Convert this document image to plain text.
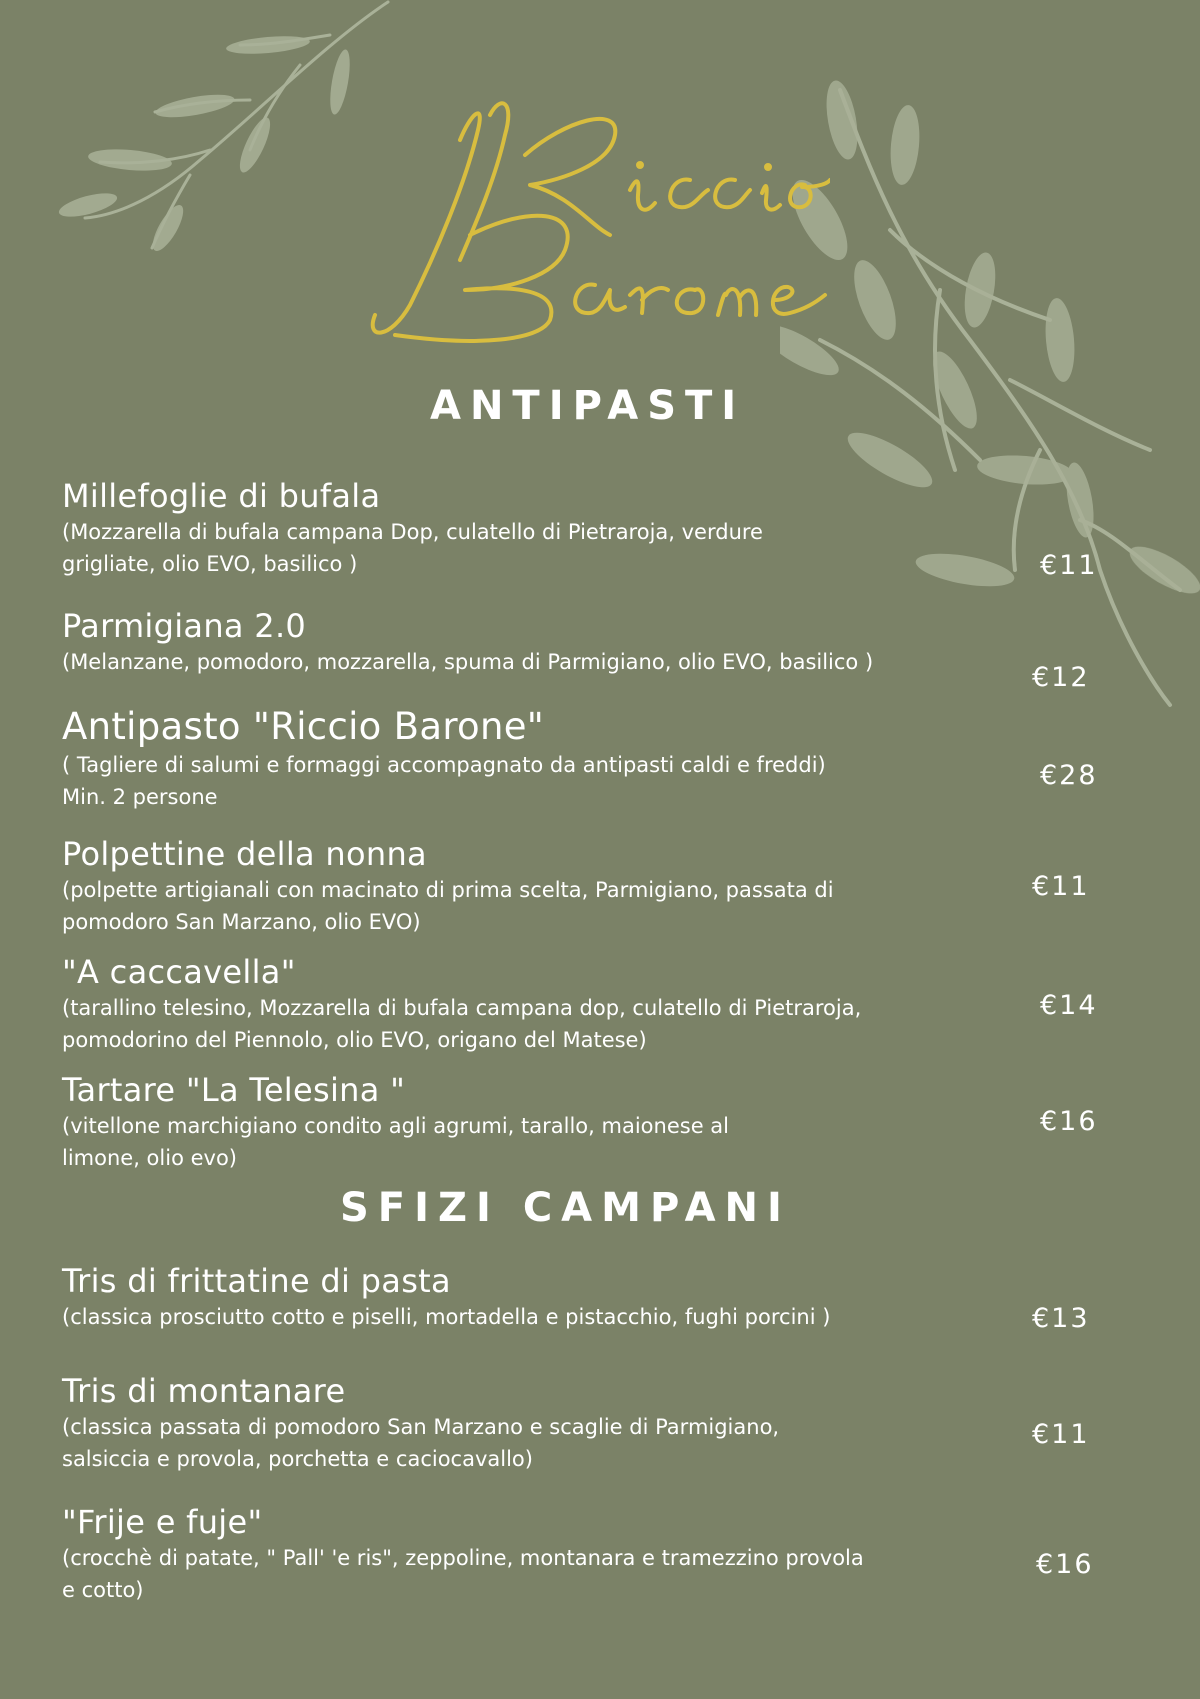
ANTIPASTI
Millefoglie di bufala
(Mozzarella di bufala campana Dop, culatello di Pietraroja, verdure
grigliate, olio EVO, basilico )	€11
Parmigiana 2.0
(Melanzane, pomodoro, mozzarella, spuma di Parmigiano, olio EVO, basilico )	€12
Antipasto "Riccio Barone"
( Tagliere di salumi e formaggi accompagnato da antipasti caldi e freddi)
Min. 2 persone
€28
Polpettine della nonna
(polpette artigianali con macinato di prima scelta, Parmigiano, passata di
pomodoro San Marzano, olio EVO)
€11
"A caccavella"
(tarallino telesino, Mozzarella di bufala campana dop, culatello di Pietraroja,
pomodorino del Piennolo, olio EVO, origano del Matese)
€14
Tartare "La Telesina "
(vitellone marchigiano condito agli agrumi, tarallo, maionese al
limone, olio evo)
€16
SFIZI CAMPANI
Tris di frittatine di pasta
(classica prosciutto cotto e piselli, mortadella e pistacchio, fughi porcini )	€13
Tris di montanare
(classica passata di pomodoro San Marzano e scaglie di Parmigiano,
salsiccia e provola, porchetta e caciocavallo)
€11
"Frije e fuje"
(crocchè di patate, " Pall' 'e ris", zeppoline, montanara e tramezzino provola
e cotto)
€16
